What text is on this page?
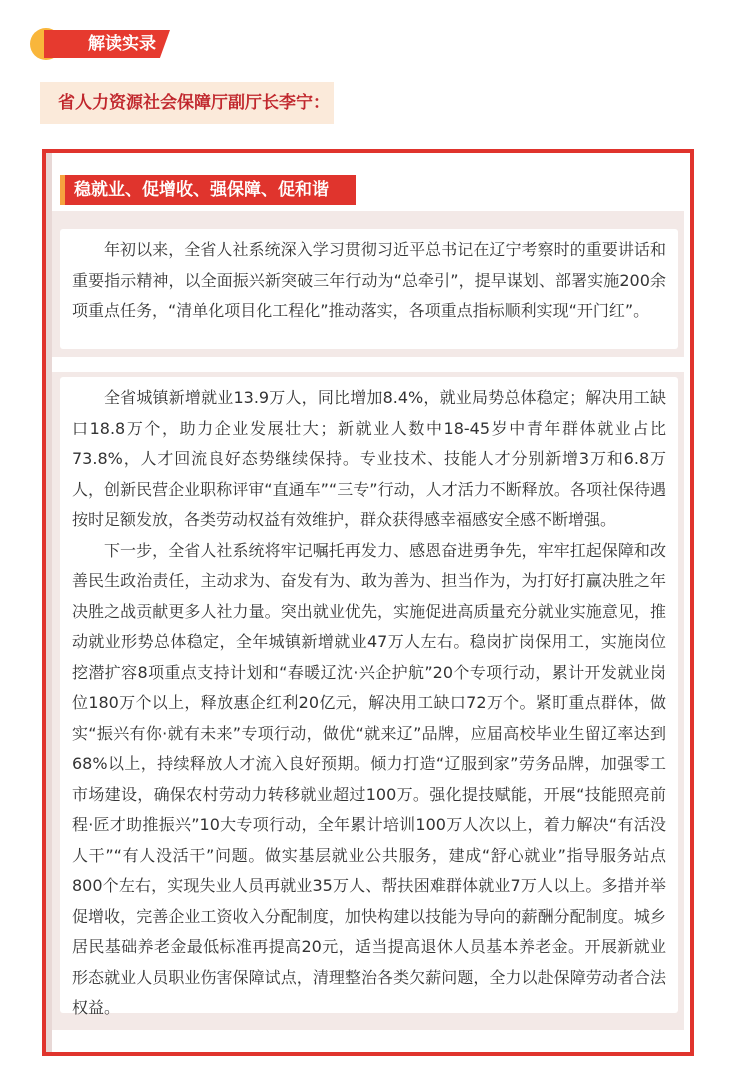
解读实录
省人力资源社会保障厅副厅长李宁：
稳就业、促增收、强保障、促和谐

年初以来，全省人社系统深入学习贯彻习近平总书记在辽宁考察时的重要讲话和重要指示精神，以全面振兴新突破三年行动为“总牵引”，提早谋划、部署实施200余项重点任务，“清单化项目化工程化”推动落实，各项重点指标顺利实现“开门红”。

全省城镇新增就业13.9万人，同比增加8.4%，就业局势总体稳定；解决用工缺口18.8万个，助力企业发展壮大；新就业人数中18-45岁中青年群体就业占比73.8%，人才回流良好态势继续保持。专业技术、技能人才分别新增3万和6.8万人，创新民营企业职称评审“直通车”“三专”行动，人才活力不断释放。各项社保待遇按时足额发放，各类劳动权益有效维护，群众获得感幸福感安全感不断增强。

下一步，全省人社系统将牢记嘱托再发力、感恩奋进勇争先，牢牢扛起保障和改善民生政治责任，主动求为、奋发有为、敢为善为、担当作为，为打好打赢决胜之年决胜之战贡献更多人社力量。突出就业优先，实施促进高质量充分就业实施意见，推动就业形势总体稳定，全年城镇新增就业47万人左右。稳岗扩岗保用工，实施岗位挖潜扩容8项重点支持计划和“春暖辽沈·兴企护航”20个专项行动，累计开发就业岗位180万个以上，释放惠企红利20亿元，解决用工缺口72万个。紧盯重点群体，做实“振兴有你·就有未来”专项行动，做优“就来辽”品牌，应届高校毕业生留辽率达到68%以上，持续释放人才流入良好预期。倾力打造“辽服到家”劳务品牌，加强零工市场建设，确保农村劳动力转移就业超过100万。强化提技赋能，开展“技能照亮前程·匠才助推振兴”10大专项行动，全年累计培训100万人次以上，着力解决“有活没人干”“有人没活干”问题。做实基层就业公共服务，建成“舒心就业”指导服务站点800个左右，实现失业人员再就业35万人、帮扶困难群体就业7万人以上。多措并举促增收，完善企业工资收入分配制度，加快构建以技能为导向的薪酬分配制度。城乡居民基础养老金最低标准再提高20元，适当提高退休人员基本养老金。开展新就业形态就业人员职业伤害保障试点，清理整治各类欠薪问题，全力以赴保障劳动者合法权益。
